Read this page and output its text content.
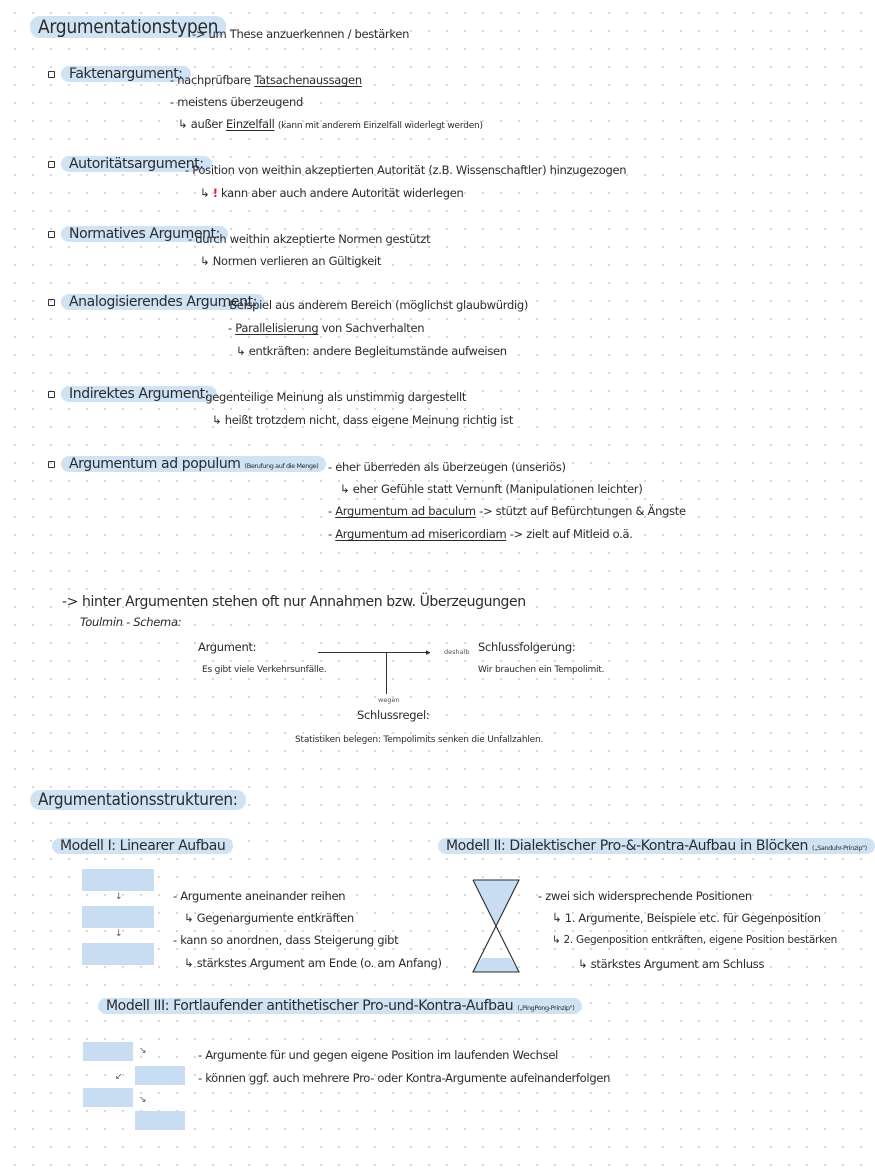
Argumentationstypen
-> um These anzuerkennen / bestärken
Faktenargument:
- nachprüfbare Tatsachenaussagen
- meistens überzeugend
↳ außer Einzelfall (kann mit anderem Einzelfall widerlegt werden)
Autoritätsargument:
- Position von weithin akzeptierten Autorität (z.B. Wissenschaftler) hinzugezogen
↳ ! kann aber auch andere Autorität widerlegen
Normatives Argument:
- durch weithin akzeptierte Normen gestützt
↳ Normen verlieren an Gültigkeit
Analogisierendes Argument:
- Beispiel aus anderem Bereich (möglichst glaubwürdig)
- Parallelisierung von Sachverhalten
↳ entkräften: andere Begleitumstände aufweisen
Indirektes Argument:
- gegenteilige Meinung als unstimmig dargestellt
↳ heißt trotzdem nicht, dass eigene Meinung richtig ist
Argumentum ad populum (Berufung auf die Menge) - eher überreden als überzeugen (unseriös)
↳ eher Gefühle statt Vernunft (Manipulationen leichter)
- Argumentum ad baculum -> stützt auf Befürchtungen & Ängste
- Argumentum ad misericordiam -> zielt auf Mitleid o.ä.
-> hinter Argumenten stehen oft nur Annahmen bzw. Überzeugungen
Toulmin - Schema:
Argument:
Es gibt viele Verkehrsunfälle.
▸ deshalb Schlussfolgerung:
Wir brauchen ein Tempolimit.
wegen
Schlussregel:
Statistiken belegen: Tempolimits senken die Unfallzahlen.
Argumentationsstrukturen:
Modell I: Linearer Aufbau
↓
↓
- Argumente aneinander reihen
↳ Gegenargumente entkräften
- kann so anordnen, dass Steigerung gibt
↳ stärkstes Argument am Ende (o. am Anfang)
Modell II: Dialektischer Pro-&-Kontra-Aufbau in Blöcken („Sanduhr-Prinzip")
- zwei sich widersprechende Positionen
↳ 1. Argumente, Beispiele etc. für Gegenposition
↳ 2. Gegenposition entkräften, eigene Position bestärken
↳ stärkstes Argument am Schluss
Modell III: Fortlaufender antithetischer Pro-und-Kontra-Aufbau („PingPong-Prinzip")
↘
↙
↘
- Argumente für und gegen eigene Position im laufenden Wechsel
- können ggf. auch mehrere Pro- oder Kontra-Argumente aufeinanderfolgen
